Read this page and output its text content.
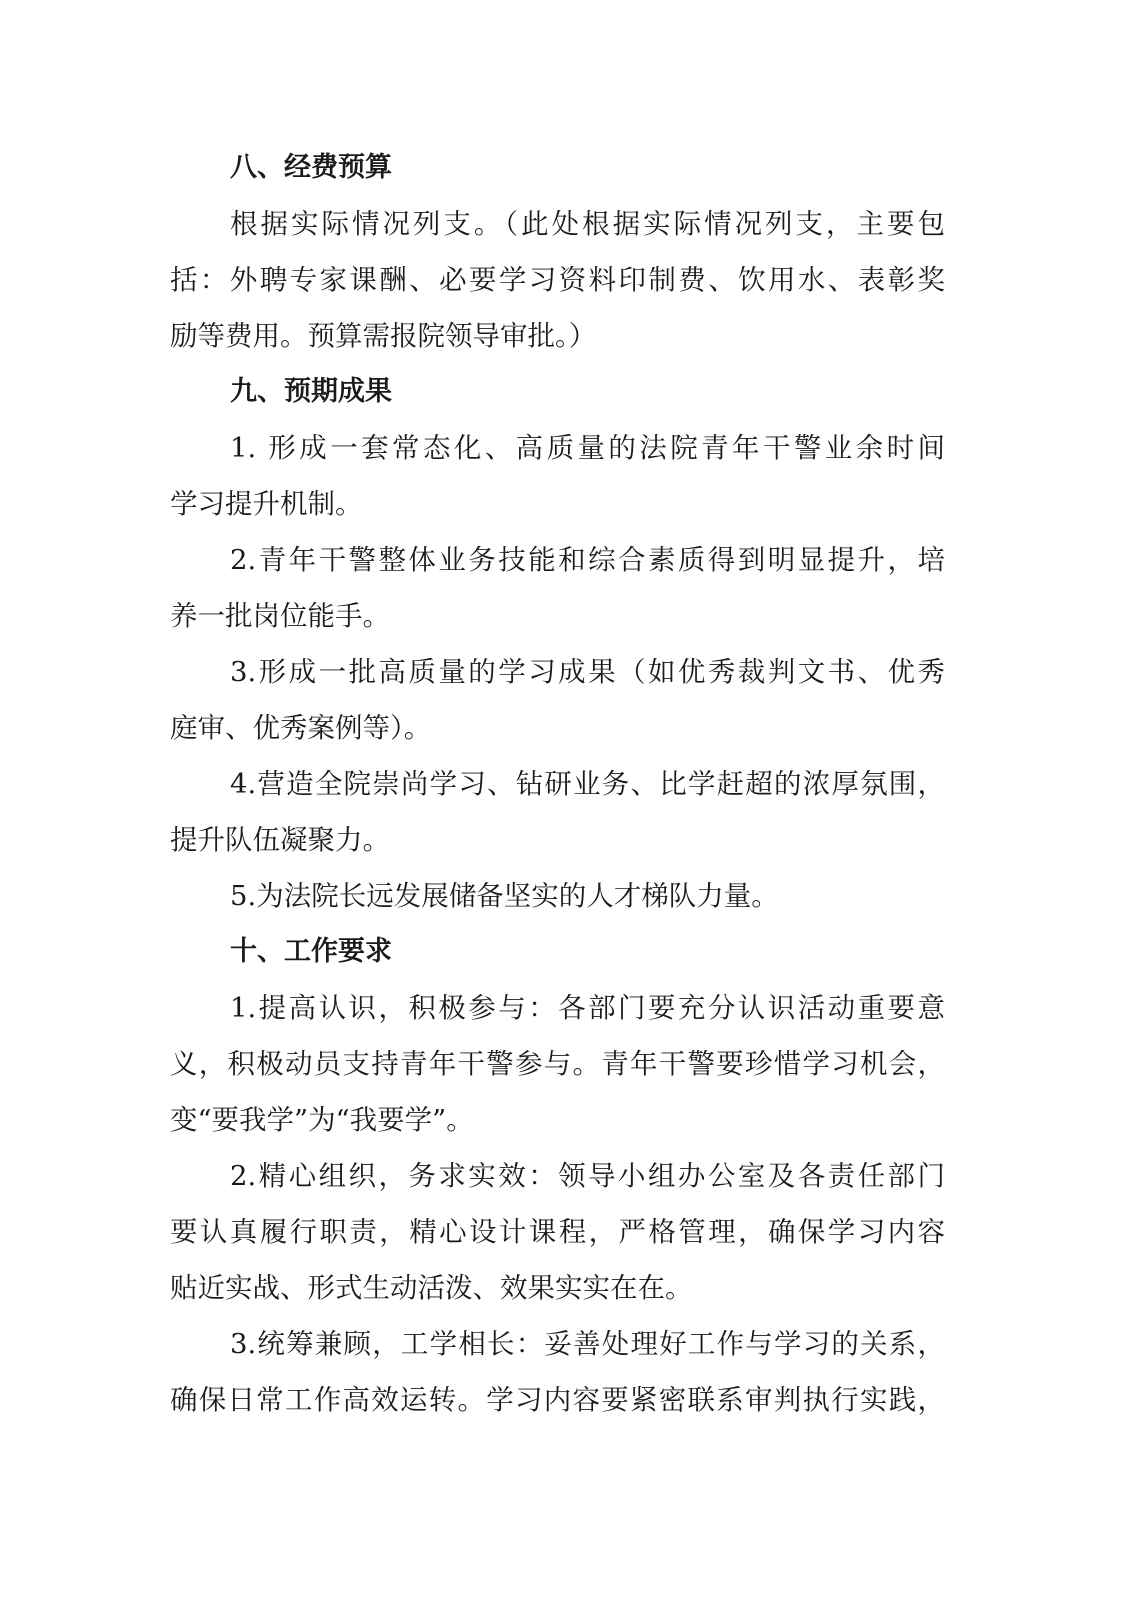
八、经费预算
根据实际情况列支。（此处根据实际情况列支，主要包
括：外聘专家课酬、必要学习资料印制费、饮用水、表彰奖
励等费用。预算需报院领导审批。）
九、预期成果
1. 形成一套常态化、高质量的法院青年干警业余时间
学习提升机制。
2.青年干警整体业务技能和综合素质得到明显提升，培
养一批岗位能手。
3.形成一批高质量的学习成果（如优秀裁判文书、优秀
庭审、优秀案例等）。
4.营造全院崇尚学习、钻研业务、比学赶超的浓厚氛围，
提升队伍凝聚力。
5.为法院长远发展储备坚实的人才梯队力量。
十、工作要求
1.提高认识，积极参与：各部门要充分认识活动重要意
义，积极动员支持青年干警参与。青年干警要珍惜学习机会，
变“要我学”为“我要学”。
2.精心组织，务求实效：领导小组办公室及各责任部门
要认真履行职责，精心设计课程，严格管理，确保学习内容
贴近实战、形式生动活泼、效果实实在在。
3.统筹兼顾，工学相长：妥善处理好工作与学习的关系，
确保日常工作高效运转。学习内容要紧密联系审判执行实践，
